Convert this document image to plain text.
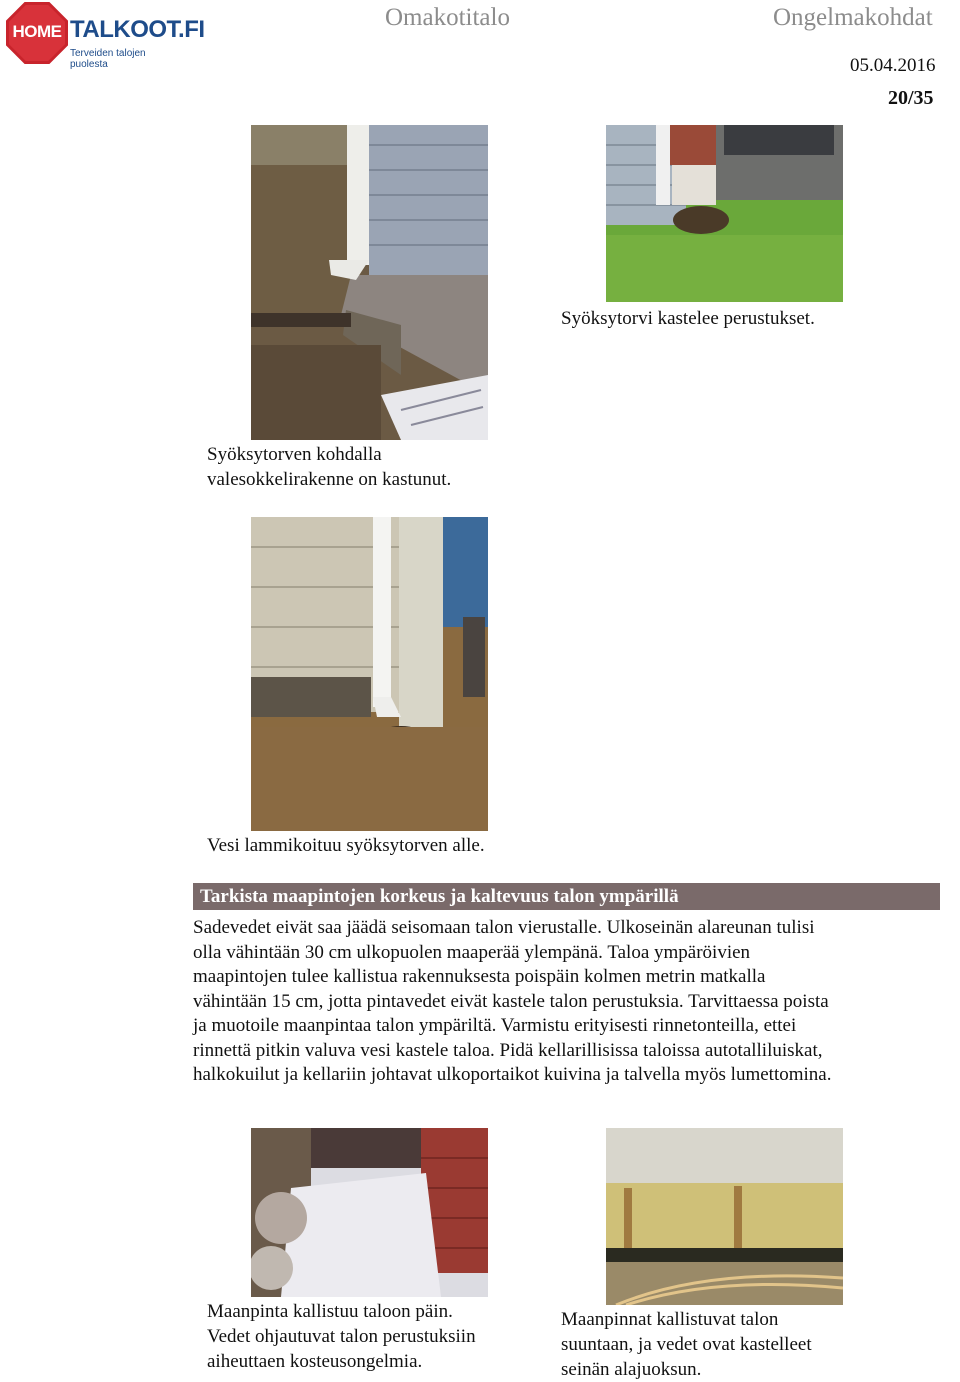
HOME TALKOOT.FI
Terveiden talojen puolesta
Omakotitalo	Ongelmakohdat
05.04.2016
20/35
Syöksytorvi kastelee perustukset.
Syöksytorven kohdalla
valesokkelirakenne on kastunut.
Vesi lammikoituu syöksytorven alle.
Tarkista maapintojen korkeus ja kaltevuus talon ympärillä
Sadevedet eivät saa jäädä seisomaan talon vierustalle. Ulkoseinän alareunan tulisi
olla vähintään 30 cm ulkopuolen maaperää ylempänä. Taloa ympäröivien
maapintojen tulee kallistua rakennuksesta poispäin kolmen metrin matkalla
vähintään 15 cm, jotta pintavedet eivät kastele talon perustuksia. Tarvittaessa poista
ja muotoile maanpintaa talon ympäriltä. Varmistu erityisesti rinnetonteilla, ettei
rinnettä pitkin valuva vesi kastele taloa. Pidä kellarillisissa taloissa autotalliluiskat,
halkokuilut ja kellariin johtavat ulkoportaikot kuivina ja talvella myös lumettomina.
Maanpinta kallistuu taloon päin.
Vedet ohjautuvat talon perustuksiin
aiheuttaen kosteusongelmia.
Maanpinnat kallistuvat talon
suuntaan, ja vedet ovat kastelleet
seinän alajuoksun.
